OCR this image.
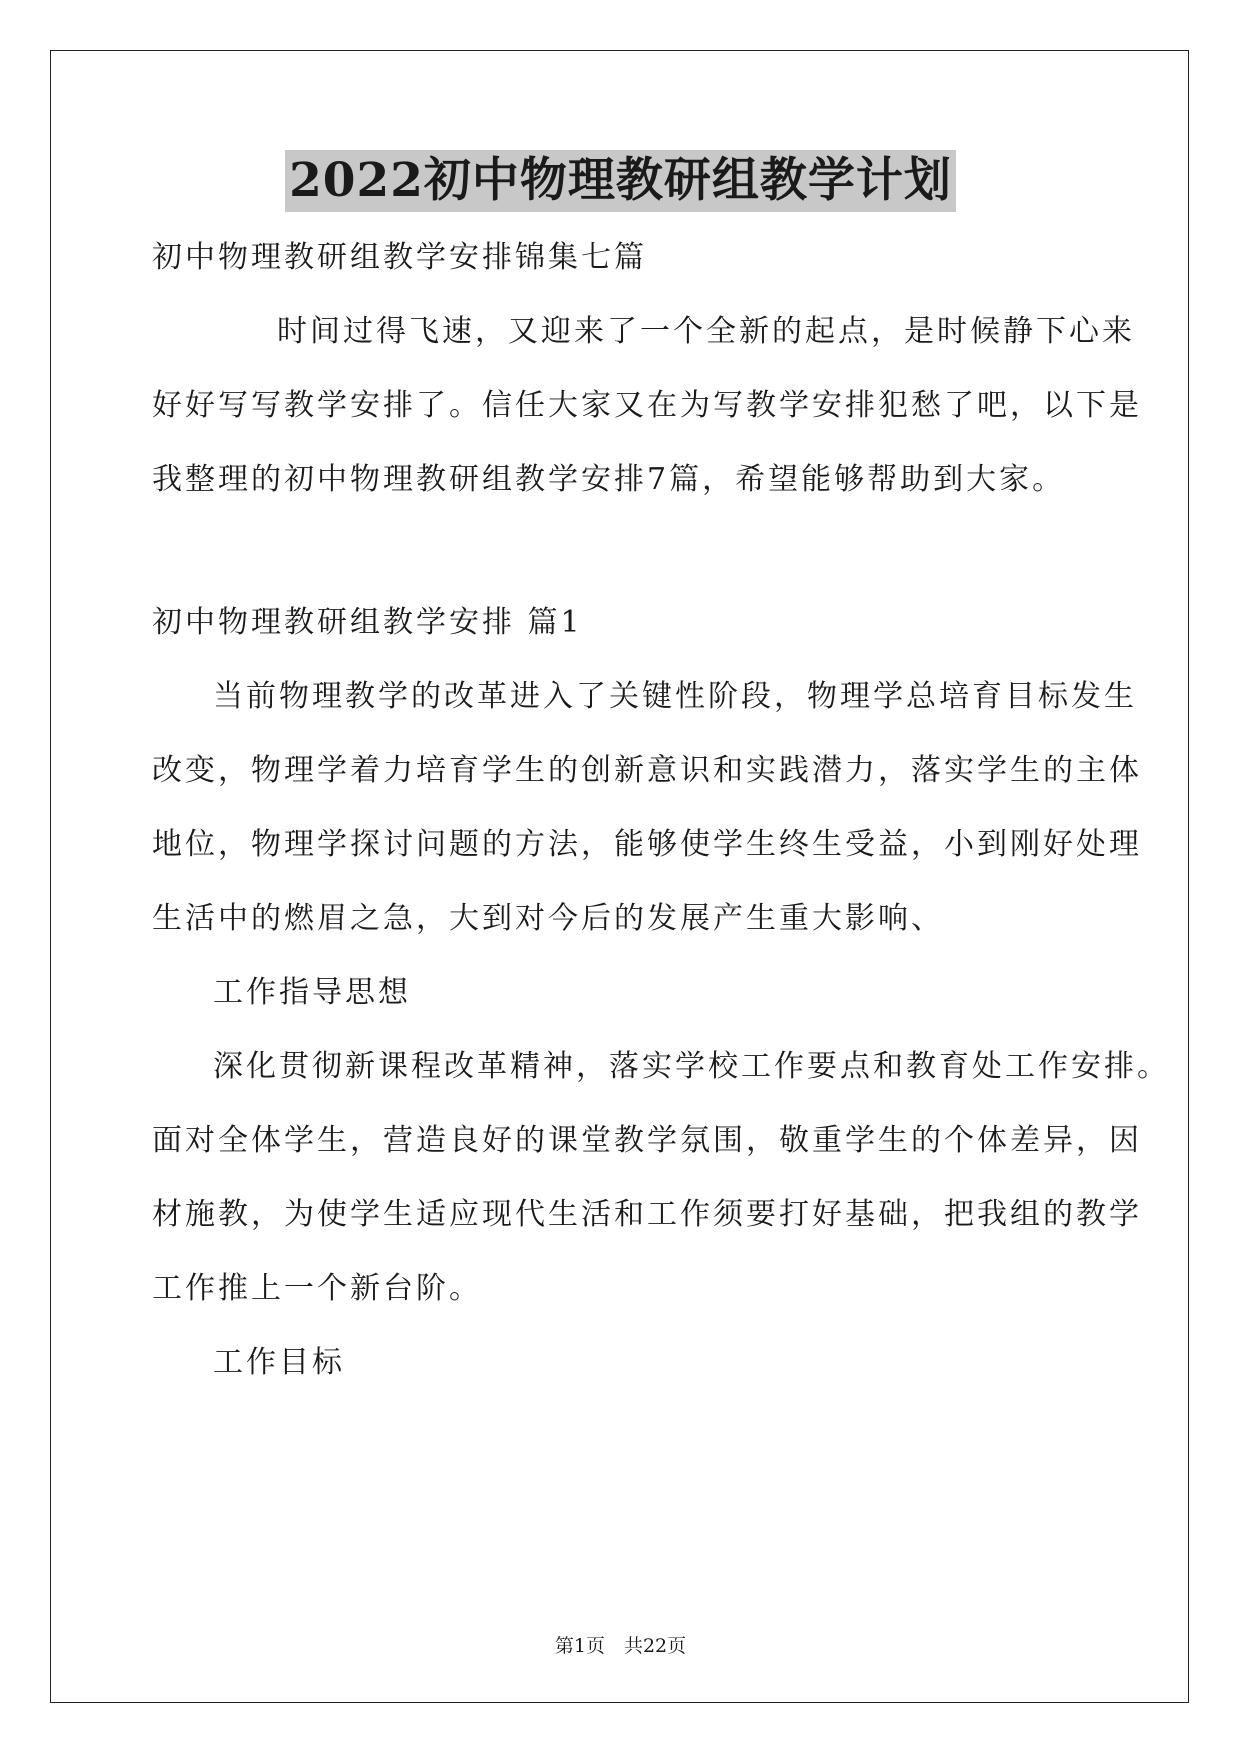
2022初中物理教研组教学计划
初中物理教研组教学安排锦集七篇
时间过得飞速，又迎来了一个全新的起点，是时候静下心来
好好写写教学安排了。信任大家又在为写教学安排犯愁了吧，以下是
我整理的初中物理教研组教学安排7篇，希望能够帮助到大家。
初中物理教研组教学安排 篇1
当前物理教学的改革进入了关键性阶段，物理学总培育目标发生
改变，物理学着力培育学生的创新意识和实践潜力，落实学生的主体
地位，物理学探讨问题的方法，能够使学生终生受益，小到刚好处理
生活中的燃眉之急，大到对今后的发展产生重大影响、
工作指导思想
深化贯彻新课程改革精神，落实学校工作要点和教育处工作安排。
面对全体学生，营造良好的课堂教学氛围，敬重学生的个体差异，因
材施教，为使学生适应现代生活和工作须要打好基础，把我组的教学
工作推上一个新台阶。
工作目标
第1页　共22页
